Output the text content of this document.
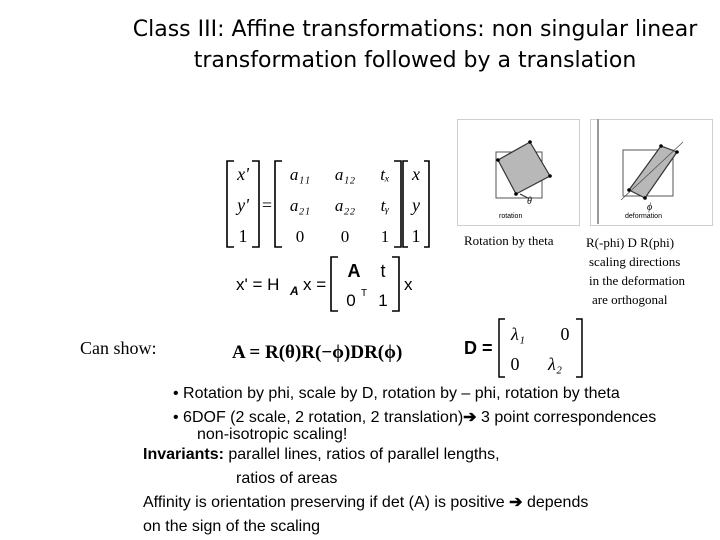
Class III: Affine transformations: non singular linear
transformation followed by a translation
x'
y'
1
=
a₁₁ a₁₂ tₓ
a₂₁ a₂₂ tᵧ
0 0 1
x
y
1
x' = H A x =
A t
0 T 1
x
A = R(θ)R(−ϕ)DR(ϕ)	D =
λ₁ 0
0 λ₂
θ
rotation
ϕ
deformation
Rotation by theta R(-phi) D R(phi)
scaling directions
in the deformation
are orthogonal
Can show:
• Rotation by phi, scale by D, rotation by – phi, rotation by theta
• 6DOF (2 scale, 2 rotation, 2 translation)➔ 3 point correspondences
non-isotropic scaling!
Invariants: parallel lines, ratios of parallel lengths,
ratios of areas
Affinity is orientation preserving if det (A) is positive ➔ depends
on the sign of the scaling
